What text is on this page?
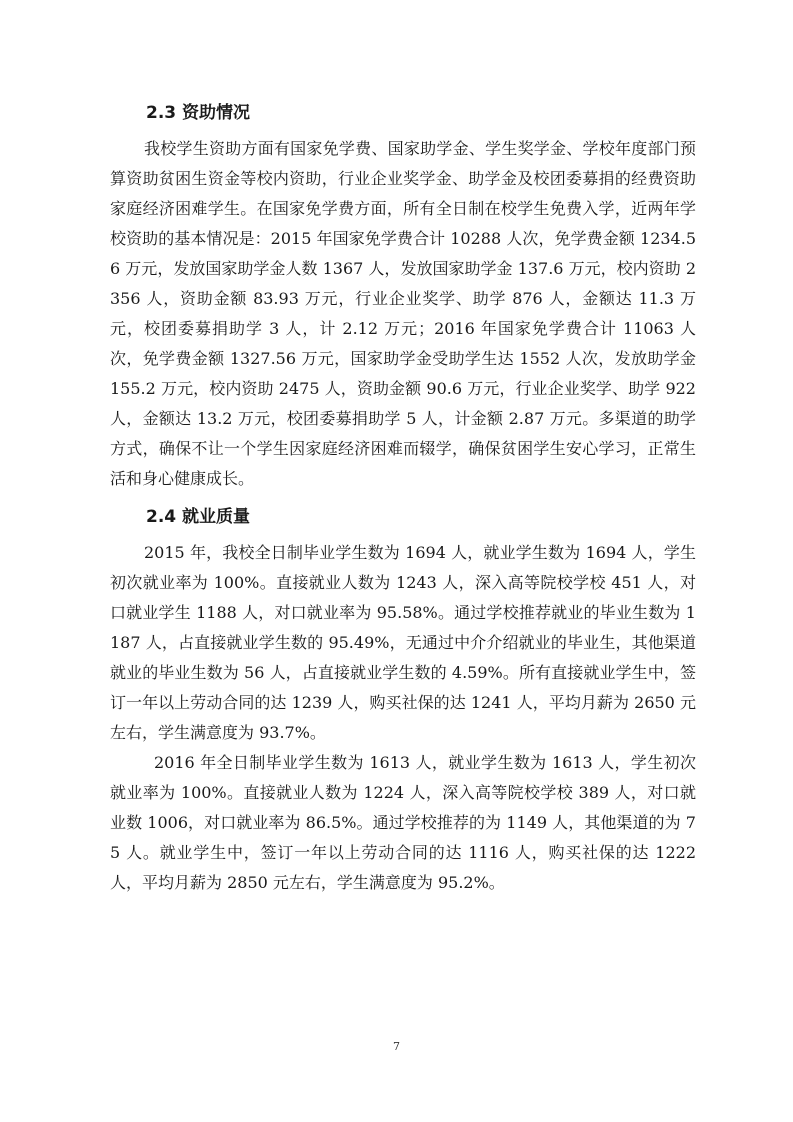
2.3 资助情况

我校学生资助方面有国家免学费、国家助学金、学生奖学金、学校年度部门预算资助贫困生资金等校内资助，行业企业奖学金、助学金及校团委募捐的经费资助家庭经济困难学生。在国家免学费方面，所有全日制在校学生免费入学，近两年学校资助的基本情况是：2015 年国家免学费合计 10288 人次，免学费金额 1234.56 万元，发放国家助学金人数 1367 人，发放国家助学金 137.6 万元，校内资助 2356 人，资助金额 83.93 万元，行业企业奖学、助学 876 人，金额达 11.3 万元，校团委募捐助学 3 人，计 2.12 万元；2016 年国家免学费合计 11063 人次，免学费金额 1327.56 万元，国家助学金受助学生达 1552 人次，发放助学金 155.2 万元，校内资助 2475 人，资助金额 90.6 万元，行业企业奖学、助学 922 人，金额达 13.2 万元，校团委募捐助学 5 人，计金额 2.87 万元。多渠道的助学方式，确保不让一个学生因家庭经济困难而辍学，确保贫困学生安心学习，正常生活和身心健康成长。

2.4 就业质量

2015 年，我校全日制毕业学生数为 1694 人，就业学生数为 1694 人，学生初次就业率为 100%。直接就业人数为 1243 人，深入高等院校学校 451 人，对口就业学生 1188 人，对口就业率为 95.58%。通过学校推荐就业的毕业生数为 1187 人，占直接就业学生数的 95.49%，无通过中介介绍就业的毕业生，其他渠道就业的毕业生数为 56 人，占直接就业学生数的 4.59%。所有直接就业学生中，签订一年以上劳动合同的达 1239 人，购买社保的达 1241 人，平均月薪为 2650 元左右，学生满意度为 93.7%。

2016 年全日制毕业学生数为 1613 人，就业学生数为 1613 人，学生初次就业率为 100%。直接就业人数为 1224 人，深入高等院校学校 389 人，对口就业数 1006，对口就业率为 86.5%。通过学校推荐的为 1149 人，其他渠道的为 75 人。就业学生中，签订一年以上劳动合同的达 1116 人，购买社保的达 1222 人，平均月薪为 2850 元左右，学生满意度为 95.2%。

7
